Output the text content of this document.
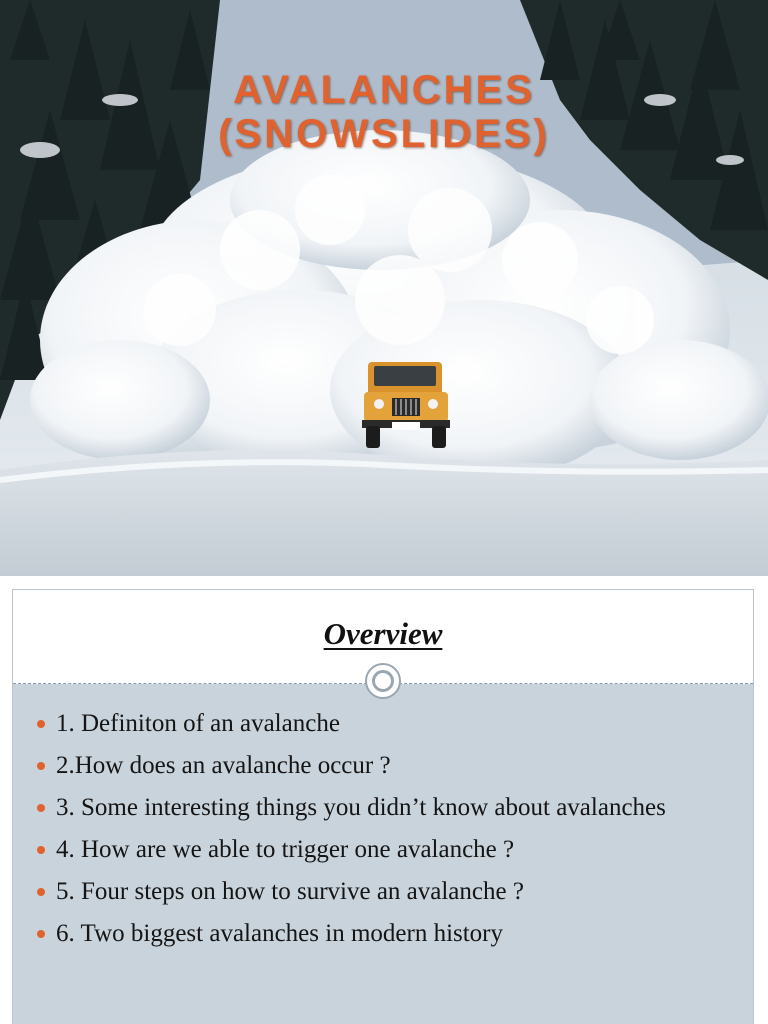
AVALANCHES
(SNOWSLIDES)
Overview
1. Definiton of an avalanche
2.How does an avalanche occur ?
3. Some interesting things you didn’t know about avalanches
4. How are we able to trigger one avalanche ?
5. Four steps on how to survive an avalanche ?
6. Two biggest avalanches in modern history
